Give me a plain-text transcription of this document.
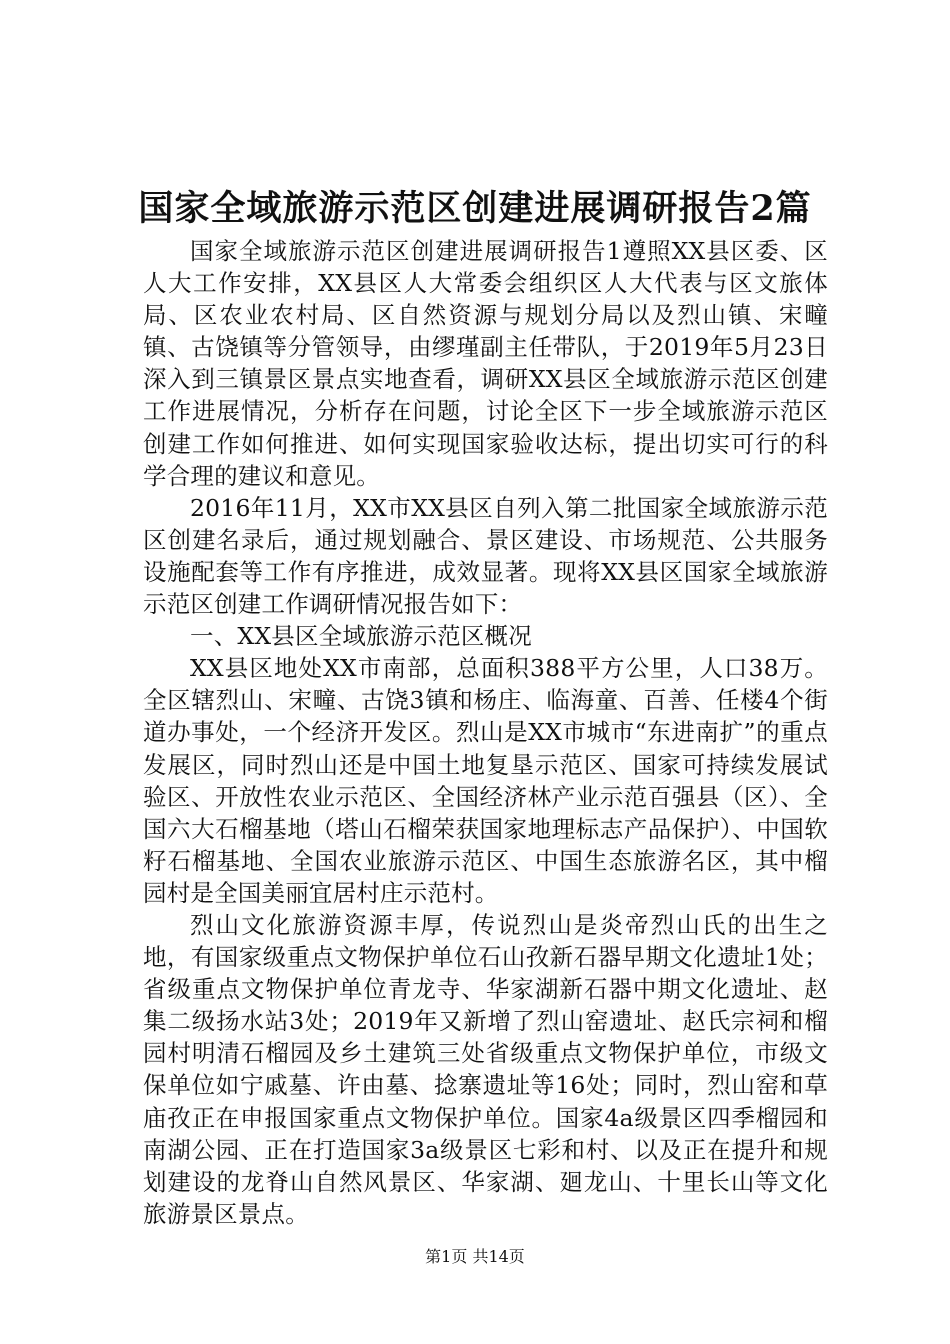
国家全域旅游示范区创建进展调研报告2篇

国家全域旅游示范区创建进展调研报告1遵照XX县区委、区人大工作安排，XX县区人大常委会组织区人大代表与区文旅体局、区农业农村局、区自然资源与规划分局以及烈山镇、宋疃镇、古饶镇等分管领导，由缪瑾副主任带队，于2019年5月23日深入到三镇景区景点实地查看，调研XX县区全域旅游示范区创建工作进展情况，分析存在问题，讨论全区下一步全域旅游示范区创建工作如何推进、如何实现国家验收达标，提出切实可行的科学合理的建议和意见。

2016年11月，XX市XX县区自列入第二批国家全域旅游示范区创建名录后，通过规划融合、景区建设、市场规范、公共服务设施配套等工作有序推进，成效显著。现将XX县区国家全域旅游示范区创建工作调研情况报告如下：

一、XX县区全域旅游示范区概况

XX县区地处XX市南部，总面积388平方公里，人口38万。全区辖烈山、宋疃、古饶3镇和杨庄、临海童、百善、任楼4个街道办事处，一个经济开发区。烈山是XX市城市“东进南扩”的重点发展区，同时烈山还是中国土地复垦示范区、国家可持续发展试验区、开放性农业示范区、全国经济林产业示范百强县（区）、全国六大石榴基地（塔山石榴荣获国家地理标志产品保护）、中国软籽石榴基地、全国农业旅游示范区、中国生态旅游名区，其中榴园村是全国美丽宜居村庄示范村。

烈山文化旅游资源丰厚，传说烈山是炎帝烈山氏的出生之地，有国家级重点文物保护单位石山孜新石器早期文化遗址1处；省级重点文物保护单位青龙寺、华家湖新石器中期文化遗址、赵集二级扬水站3处；2019年又新增了烈山窑遗址、赵氏宗祠和榴园村明清石榴园及乡土建筑三处省级重点文物保护单位，市级文保单位如宁戚墓、许由墓、捻寨遗址等16处；同时，烈山窑和草庙孜正在申报国家重点文物保护单位。国家4a级景区四季榴园和南湖公园、正在打造国家3a级景区七彩和村、以及正在提升和规划建设的龙脊山自然风景区、华家湖、廻龙山、十里长山等文化旅游景区景点。

第1页 共14页
